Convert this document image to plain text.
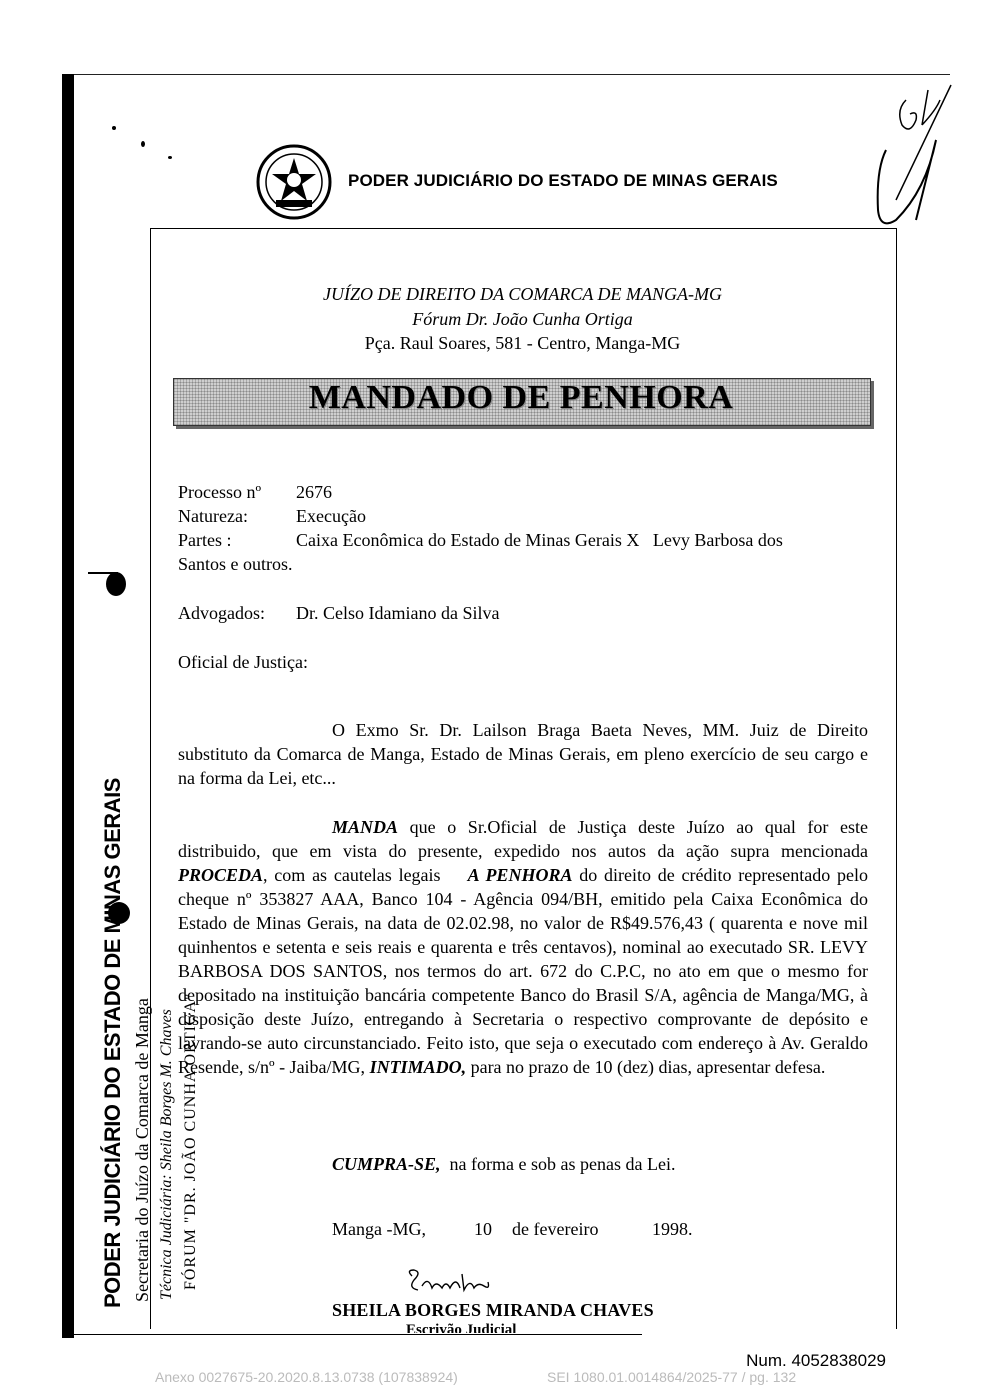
PODER JUDICIÁRIO DO ESTADO DE MINAS GERAIS
JUÍZO DE DIREITO DA COMARCA DE MANGA-MG
Fórum Dr. João Cunha Ortiga
Pça. Raul Soares, 581 - Centro, Manga-MG
MANDADO DE PENHORA
Processo nº 2676
Natureza:	Execução
Partes :	Caixa Econômica do Estado de Minas Gerais X   Levy Barbosa dos
Santos e outros.
Advogados: Dr. Celso Idamiano da Silva
Oficial de Justiça:

O Exmo Sr. Dr. Lailson Braga Baeta Neves, MM. Juiz de Direito substituto da Comarca de Manga, Estado de Minas Gerais, em pleno exercício de seu cargo e na forma da Lei, etc...

MANDA que o Sr.Oficial de Justiça deste Juízo ao qual for este distribuido, que em vista do presente, expedido nos autos da ação supra mencionada PROCEDA, com as cautelas legais    A PENHORA do direito de crédito representado pelo cheque nº 353827 AAA, Banco 104 - Agência 094/BH, emitido pela Caixa Econômica do Estado de Minas Gerais, na data de 02.02.98, no valor de R$49.576,43 ( quarenta e nove mil quinhentos e setenta e seis reais e quarenta e três centavos), nominal ao executado SR. LEVY BARBOSA DOS SANTOS, nos termos do art. 672 do C.P.C, no ato em que o mesmo for depositado na instituição bancária competente Banco do Brasil S/A, agência de Manga/MG, à disposição deste Juízo, entregando à Secretaria o respectivo comprovante de depósito e lavrando-se auto circunstanciado. Feito isto, que seja o executado com endereço à Av. Geraldo Resende, s/nº - Jaiba/MG, INTIMADO, para no prazo de 10 (dez) dias, apresentar defesa.

CUMPRA-SE,  na forma e sob as penas da Lei.
Manga -MG,	10 de fevereiro	1998.
SHEILA BORGES MIRANDA CHAVES
Escrivão Judicial
PODER JUDICIÁRIO DO ESTADO DE MINAS GERAIS Secretaria do Juízo da Comarca de Manga Técnica Judiciária: Sheila Borges M. Chaves FÓRUM "DR. JOÃO CUNHA ORTIGA"
Num. 4052838029
Anexo 0027675-20.2020.8.13.0738 (107838924)	SEI 1080.01.0014864/2025-77 / pg. 132
